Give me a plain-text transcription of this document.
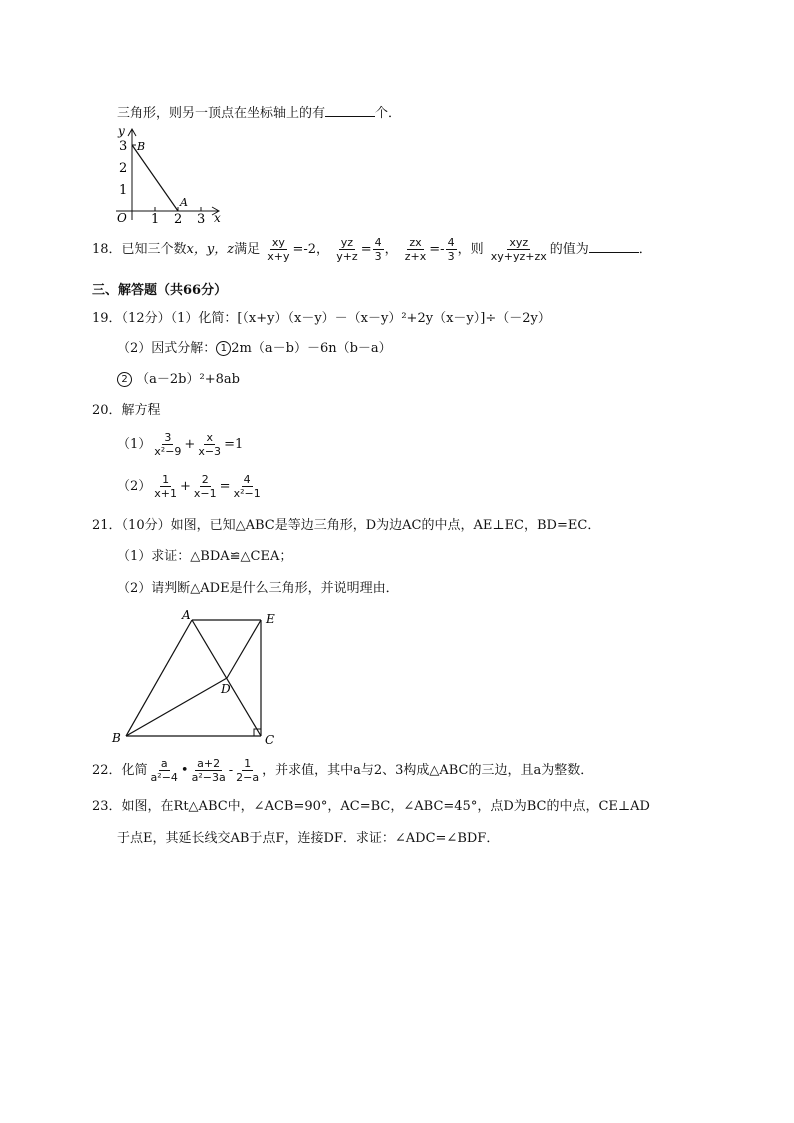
三角形，则另一顶点在坐标轴上的有	个．
y
3
2
1
B
O 1 2 3
A
x
18．已知三个数x，y，z满足 $\frac{xy}{x+y} =-2$， $\frac{yz}{y+z} = \frac{4}{3}$ ， $\frac{zx}{z+x} =- \frac{4}{3}$ ，则 $\frac{\text{xyz}}{xy+yz+zx}$ 的值为	．
三、解答题（共66分）
19．（12分）（1）化简：[（x+y）（x－y）－（x－y）²+2y（x－y）]÷（－2y）
（2）因式分解： 1 2m（a－b）－6n（b－a）
2 （a－2b）²+8ab
20．解方程
$(1) \frac{3}{\text{x²−9}} + \frac{x}{x-3} =1$
$(2) \frac{1}{x+1} + \frac{2}{x-1} = \frac{4}{\text{x²−1}}$
21．（10分）如图，已知△ABC是等边三角形，D为边AC的中点，AE⊥EC，BD=EC．
（1）求证：△BDA≌△CEA；
（2）请判断△ADE是什么三角形，并说明理由．
A	E
D
B	C
22．化简 $\frac{a}{\text{a²−4}}$ • $\frac{a+2}{\text{a²−3a}} - \frac{1}{2-a}$ ，并求值，其中a与2、3构成△ABC的三边，且a为整数．
23．如图，在Rt△ABC中，∠ACB=90°，AC=BC，∠ABC=45°，点D为BC的中点，CE⊥AD
于点E，其延长线交AB于点F，连接DF．求证：∠ADC=∠BDF．
